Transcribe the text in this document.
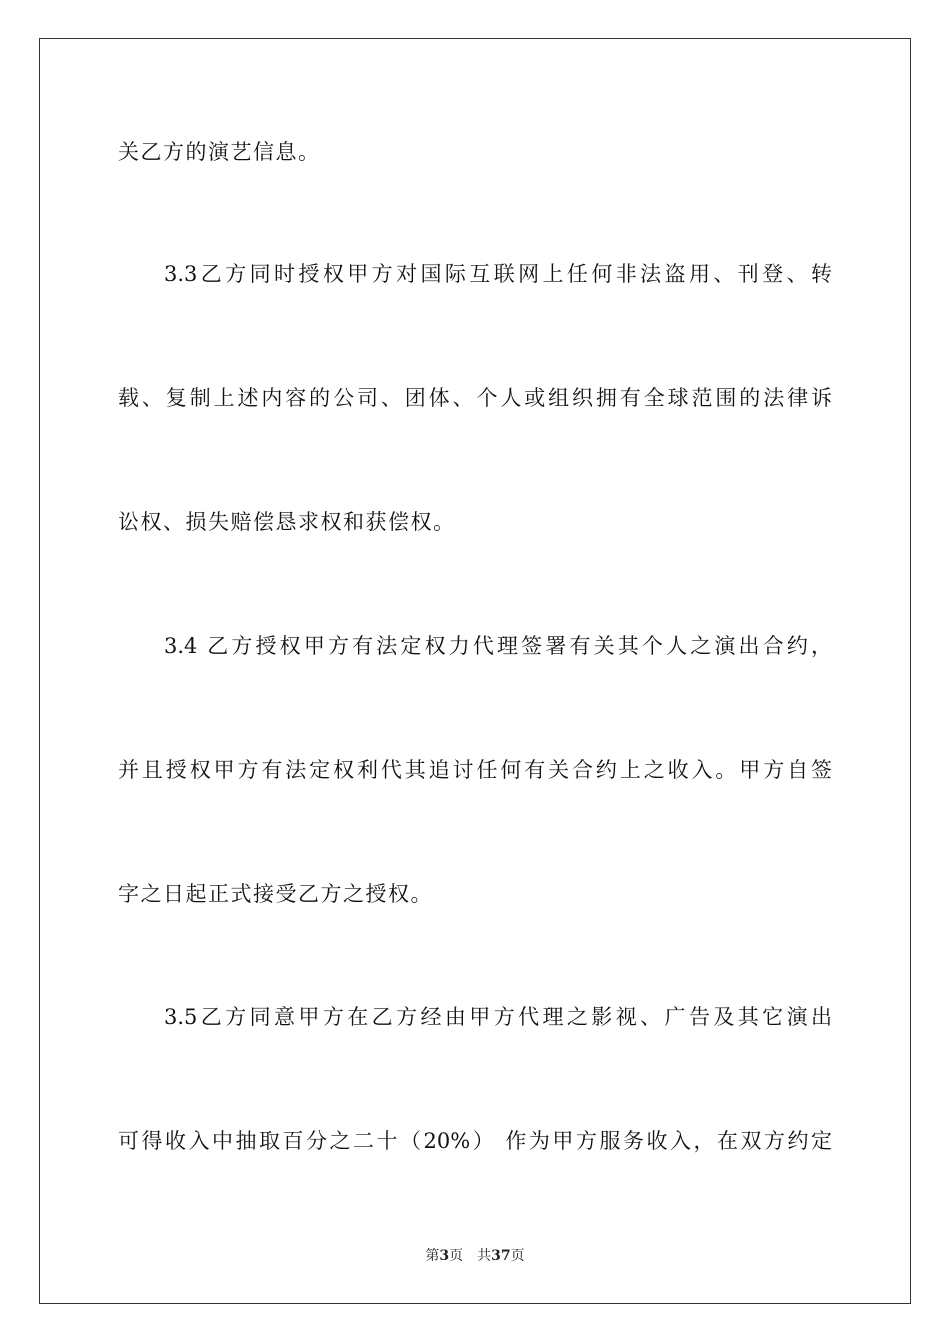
关乙方的演艺信息。
3.3乙方同时授权甲方对国际互联网上任何非法盗用、刊登、转
载、复制上述内容的公司、团体、个人或组织拥有全球范围的法律诉
讼权、损失赔偿恳求权和获偿权。
3.4 乙方授权甲方有法定权力代理签署有关其个人之演出合约，
并且授权甲方有法定权利代其追讨任何有关合约上之收入。甲方自签
字之日起正式接受乙方之授权。
3.5乙方同意甲方在乙方经由甲方代理之影视、广告及其它演出
可得收入中抽取百分之二十（20%） 作为甲方服务收入，在双方约定
第3页 共37页
